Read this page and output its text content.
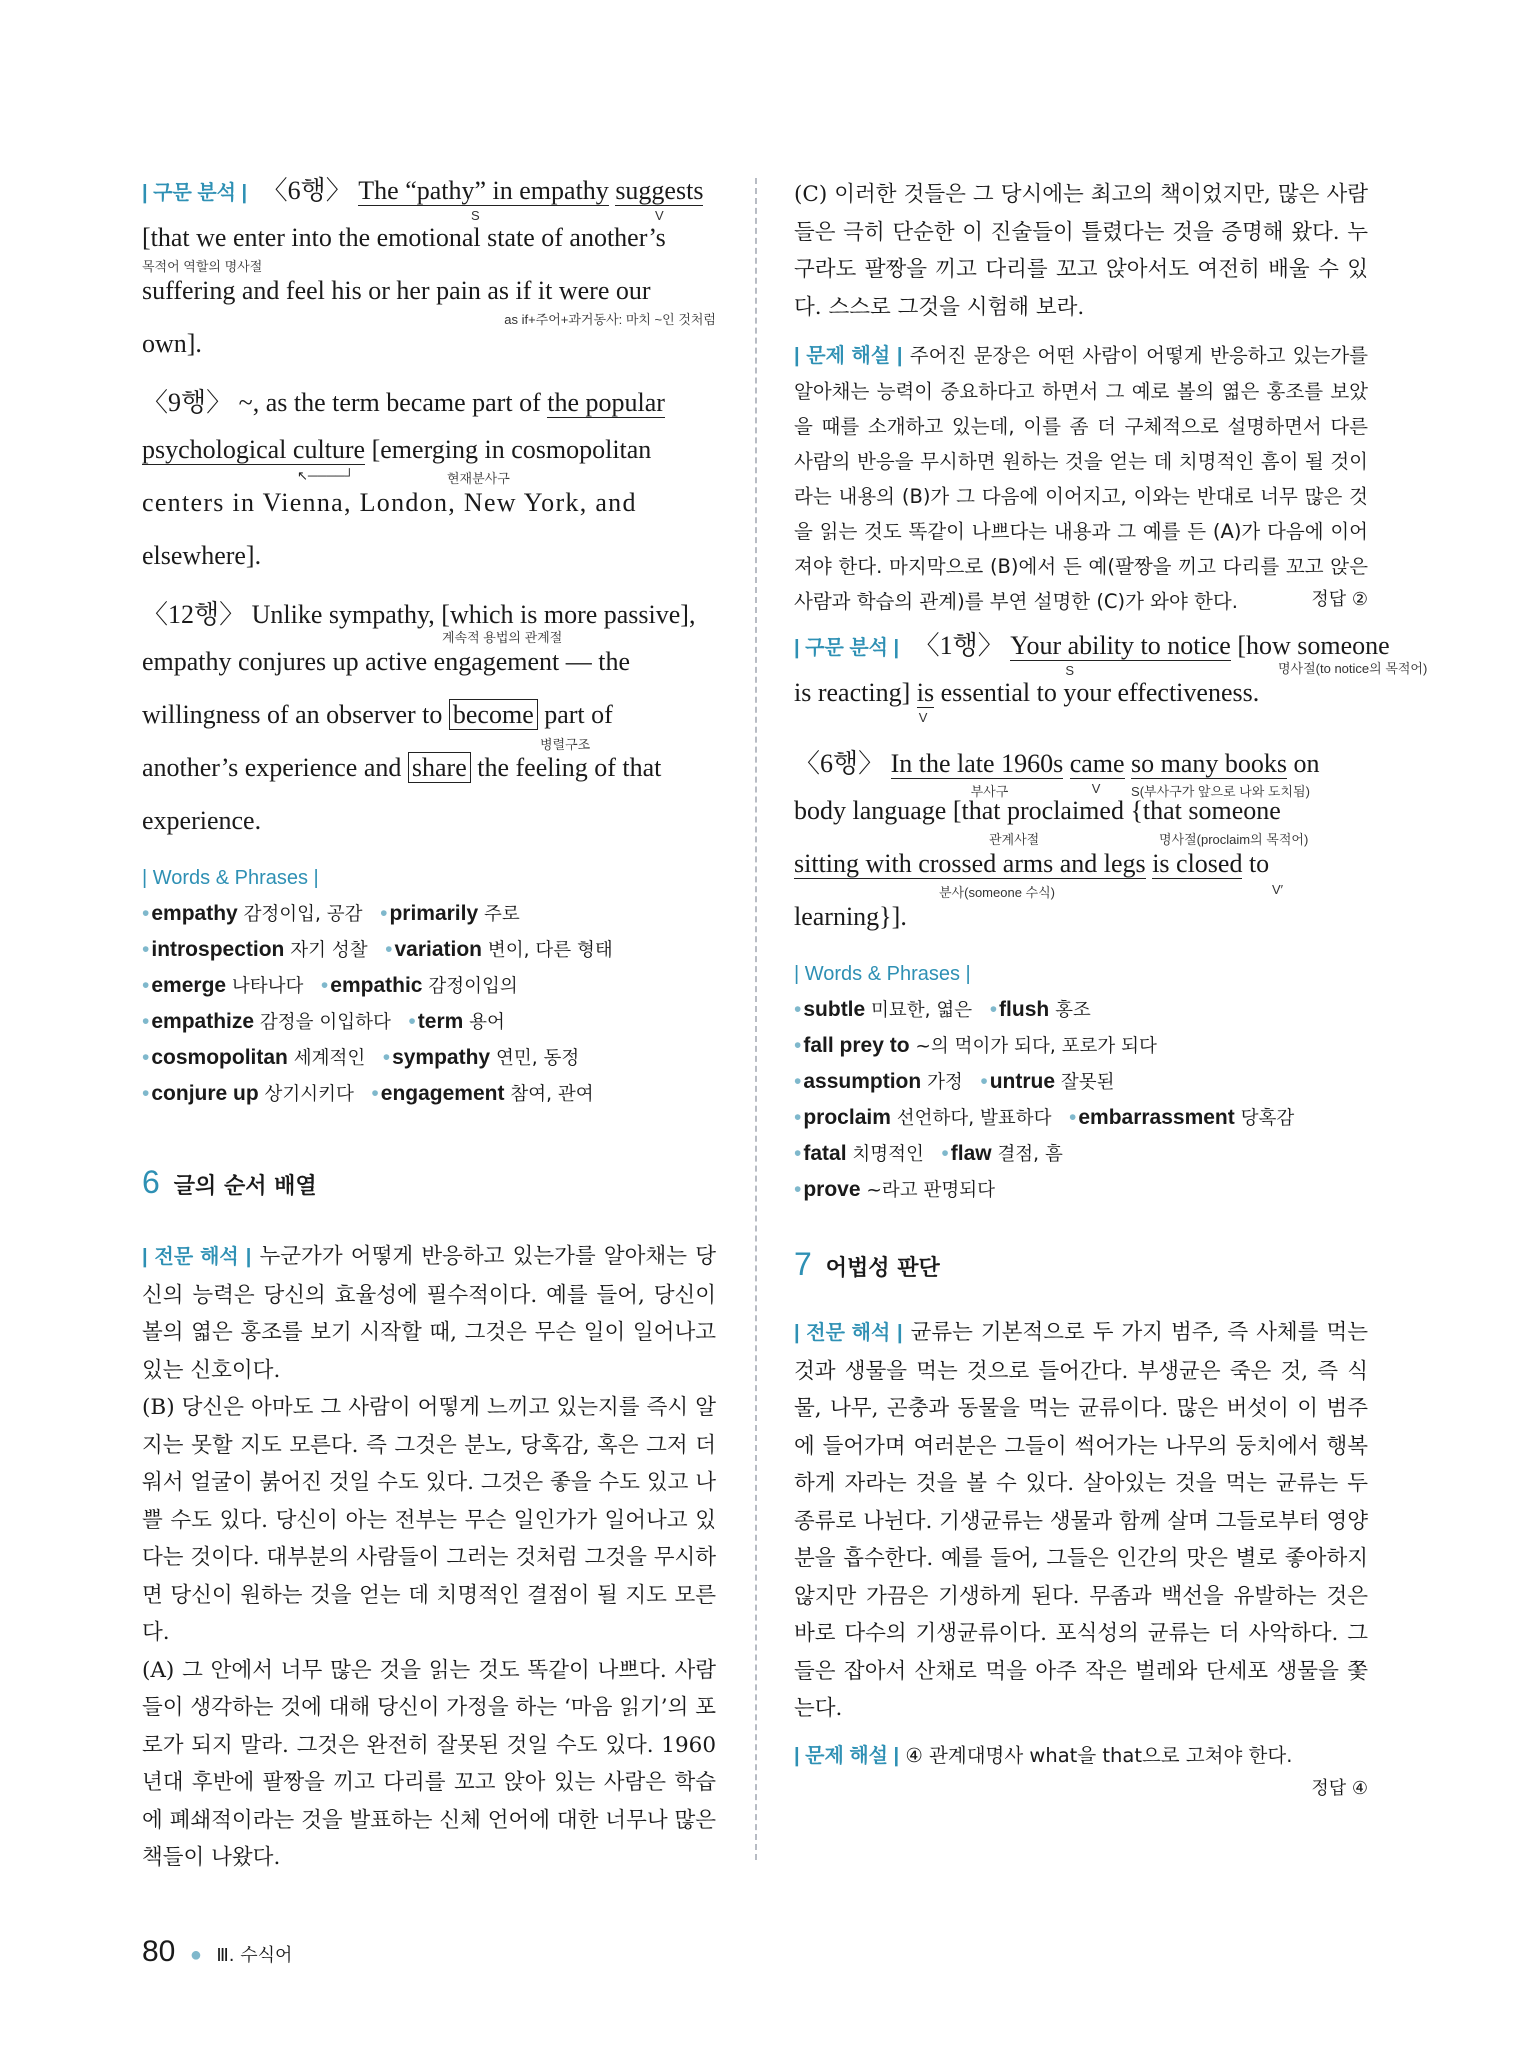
| 구문 분석 | 〈6행〉 The “pathy” in empathy
S
suggests
V
[that we enter into the emotional state of another’s
목적어 역할의 명사절
suffering and feel his or her pain as if it were our
as if+주어+과거동사: 마치 ~인 것처럼
own].
〈9행〉 ~, as the term became part of the popular
psychological culture [emerging in cosmopolitan
↖────┘	현재분사구
centers in Vienna, London, New York, and
elsewhere].
〈12행〉 Unlike sympathy, [which is more passive],
계속적 용법의 관계절
empathy conjures up active engagement — the
willingness of an observer to become part of
병렬구조
another’s experience and share the feeling of that
experience.
| Words & Phrases |
•empathy 감정이입, 공감 •primarily 주로
•introspection 자기 성찰 •variation 변이, 다른 형태
•emerge 나타나다 •empathic 감정이입의
•empathize 감정을 이입하다 •term 용어
•cosmopolitan 세계적인 •sympathy 연민, 동정
•conjure up 상기시키다 •engagement 참여, 관여
6 글의 순서 배열
| 전문 해석 | 누군가가 어떻게 반응하고 있는가를 알아채는 당신의 능력은 당신의 효율성에 필수적이다. 예를 들어, 당신이 볼의 엷은 홍조를 보기 시작할 때, 그것은 무슨 일이 일어나고 있는 신호이다.
(B) 당신은 아마도 그 사람이 어떻게 느끼고 있는지를 즉시 알지는 못할 지도 모른다. 즉 그것은 분노, 당혹감, 혹은 그저 더워서 얼굴이 붉어진 것일 수도 있다. 그것은 좋을 수도 있고 나쁠 수도 있다. 당신이 아는 전부는 무슨 일인가가 일어나고 있다는 것이다. 대부분의 사람들이 그러는 것처럼 그것을 무시하면 당신이 원하는 것을 얻는 데 치명적인 결점이 될 지도 모른다.
(A) 그 안에서 너무 많은 것을 읽는 것도 똑같이 나쁘다. 사람들이 생각하는 것에 대해 당신이 가정을 하는 ‘마음 읽기’의 포로가 되지 말라. 그것은 완전히 잘못된 것일 수도 있다. 1960년대 후반에 팔짱을 끼고 다리를 꼬고 앉아 있는 사람은 학습에 폐쇄적이라는 것을 발표하는 신체 언어에 대한 너무나 많은 책들이 나왔다.
(C) 이러한 것들은 그 당시에는 최고의 책이었지만, 많은 사람들은 극히 단순한 이 진술들이 틀렸다는 것을 증명해 왔다. 누구라도 팔짱을 끼고 다리를 꼬고 앉아서도 여전히 배울 수 있다. 스스로 그것을 시험해 보라.
| 문제 해설 | 주어진 문장은 어떤 사람이 어떻게 반응하고 있는가를 알아채는 능력이 중요하다고 하면서 그 예로 볼의 엷은 홍조를 보았을 때를 소개하고 있는데, 이를 좀 더 구체적으로 설명하면서 다른 사람의 반응을 무시하면 원하는 것을 얻는 데 치명적인 흠이 될 것이라는 내용의 (B)가 그 다음에 이어지고, 이와는 반대로 너무 많은 것을 읽는 것도 똑같이 나쁘다는 내용과 그 예를 든 (A)가 다음에 이어져야 한다. 마지막으로 (B)에서 든 예(팔짱을 끼고 다리를 꼬고 앉은 사람과 학습의 관계)를 부연 설명한 (C)가 와야 한다.	정답 ②
| 구문 분석 | 〈1행〉 Your ability to notice
S
[how someone
명사절(to notice의 목적어)
is reacting] is
V
essential to your effectiveness.
〈6행〉 In the late 1960s
부사구
came
V
so many books
S(부사구가 앞으로 나와 도치됨)
on
body language [that proclaimed {that someone
관계사절	명사절(proclaim의 목적어)
sitting with crossed arms and legs is closed to
분사(someone 수식)	V′
learning}].
| Words & Phrases |
•subtle 미묘한, 엷은 •flush 홍조
•fall prey to ~의 먹이가 되다, 포로가 되다
•assumption 가정 •untrue 잘못된
•proclaim 선언하다, 발표하다 •embarrassment 당혹감
•fatal 치명적인 •flaw 결점, 흠
•prove ~라고 판명되다
7 어법성 판단
| 전문 해석 | 균류는 기본적으로 두 가지 범주, 즉 사체를 먹는 것과 생물을 먹는 것으로 들어간다. 부생균은 죽은 것, 즉 식물, 나무, 곤충과 동물을 먹는 균류이다. 많은 버섯이 이 범주에 들어가며 여러분은 그들이 썩어가는 나무의 둥치에서 행복하게 자라는 것을 볼 수 있다. 살아있는 것을 먹는 균류는 두 종류로 나뉜다. 기생균류는 생물과 함께 살며 그들로부터 영양분을 흡수한다. 예를 들어, 그들은 인간의 맛은 별로 좋아하지 않지만 가끔은 기생하게 된다. 무좀과 백선을 유발하는 것은 바로 다수의 기생균류이다. 포식성의 균류는 더 사악하다. 그들은 잡아서 산채로 먹을 아주 작은 벌레와 단세포 생물을 쫓는다.
| 문제 해설 | ④ 관계대명사 what을 that으로 고쳐야 한다.
정답 ④
80 ● Ⅲ. 수식어
